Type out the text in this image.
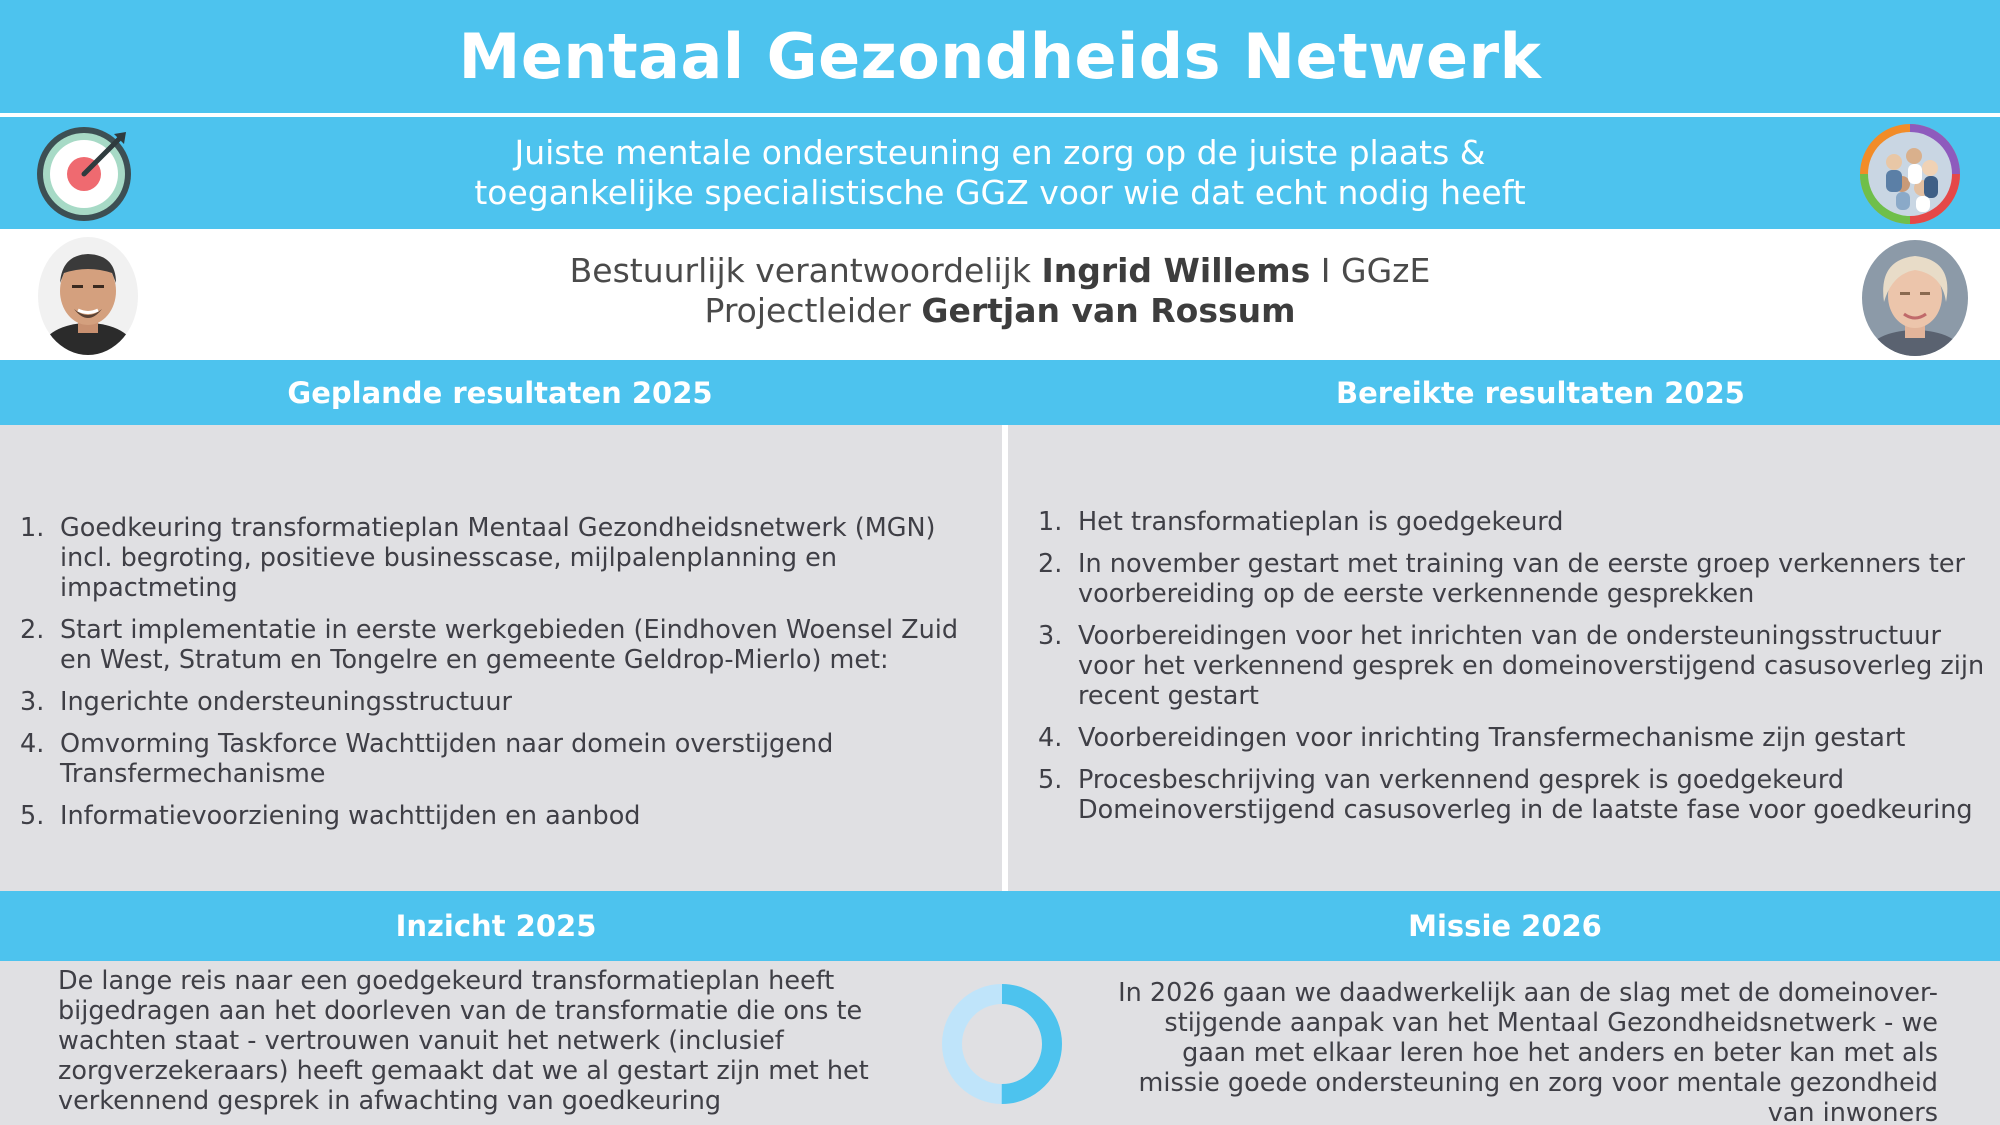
Mentaal Gezondheids Netwerk
Juiste mentale ondersteuning en zorg op de juiste plaats &
toegankelijke specialistische GGZ voor wie dat echt nodig heeft
Bestuurlijk verantwoordelijk Ingrid Willems I GGzE
Projectleider Gertjan van Rossum
Geplande resultaten 2025	Bereikte resultaten 2025
1. Goedkeuring transformatieplan Mentaal Gezondheidsnetwerk (MGN) incl. begroting, positieve businesscase, mijlpalenplanning en impactmeting
2. Start implementatie in eerste werkgebieden (Eindhoven Woensel Zuid en West, Stratum en Tongelre en gemeente Geldrop-Mierlo) met:
3. Ingerichte ondersteuningsstructuur
4. Omvorming Taskforce Wachttijden naar domein overstijgend Transfermechanisme
5. Informatievoorziening wachttijden en aanbod
1. Het transformatieplan is goedgekeurd
2. In november gestart met training van de eerste groep verkenners ter voorbereiding op de eerste verkennende gesprekken
3. Voorbereidingen voor het inrichten van de ondersteuningsstructuur voor het verkennend gesprek en domeinoverstijgend casusoverleg zijn recent gestart
4. Voorbereidingen voor inrichting Transfermechanisme zijn gestart
5. Procesbeschrijving van verkennend gesprek is goedgekeurd Domeinoverstijgend casusoverleg in de laatste fase voor goedkeuring
Inzicht 2025	Missie 2026
De lange reis naar een goedgekeurd transformatieplan heeft bijgedragen aan het doorleven van de transformatie die ons te wachten staat - vertrouwen vanuit het netwerk (inclusief zorgverzekeraars) heeft gemaakt dat we al gestart zijn met het verkennend gesprek in afwachting van goedkeuring
In 2026 gaan we daadwerkelijk aan de slag met de domeinover-stijgende aanpak van het Mentaal Gezondheidsnetwerk - we gaan met elkaar leren hoe het anders en beter kan met als missie goede ondersteuning en zorg voor mentale gezondheid van inwoners
